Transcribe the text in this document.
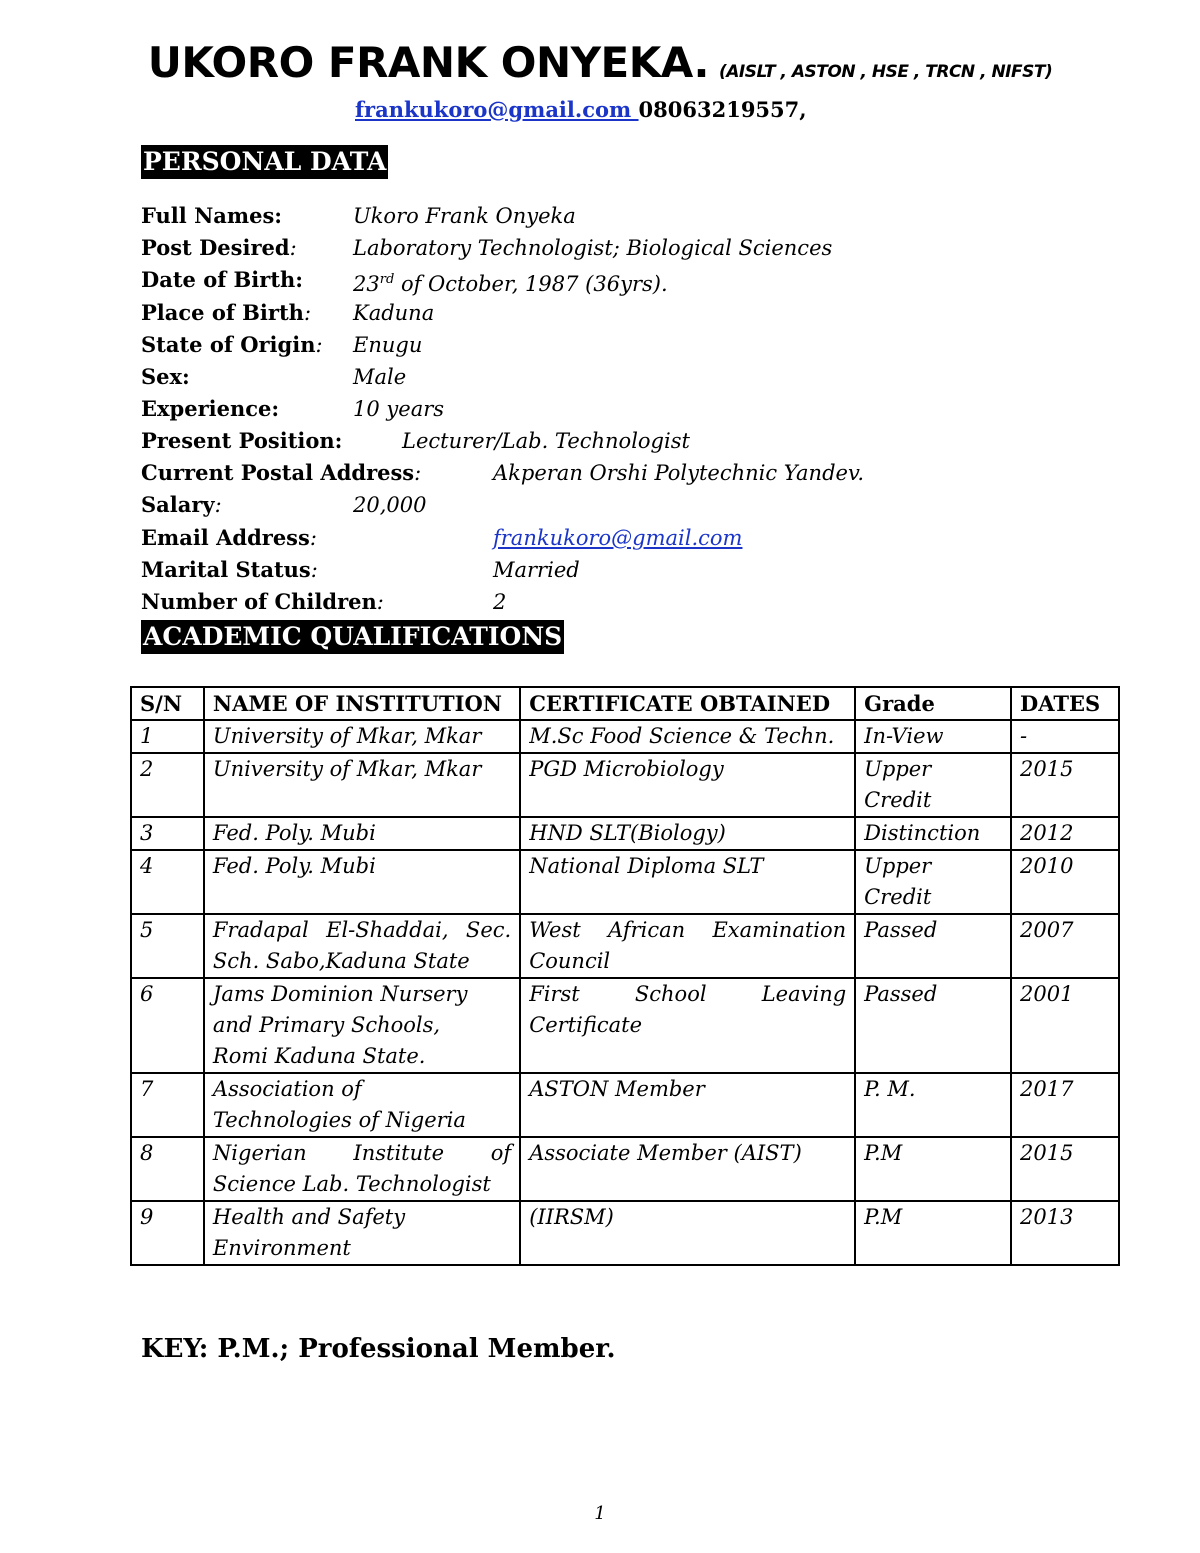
UKORO FRANK ONYEKA. (AISLT , ASTON , HSE , TRCN , NIFST)
frankukoro@gmail.com 08063219557,
PERSONAL DATA
Full Names:	Ukoro Frank Onyeka
Post Desired:	Laboratory Technologist; Biological Sciences
Date of Birth: 23rd of October, 1987 (36yrs).
Place of Birth: Kaduna
State of Origin: Enugu
Sex:	Male
Experience:	10 years
Present Position:	Lecturer/Lab. Technologist
Current Postal Address:	Akperan Orshi Polytechnic Yandev.
Salary:	20,000
Email Address:	frankukoro@gmail.com
Marital Status:	Married
Number of Children:	2
ACADEMIC QUALIFICATIONS
S/N	NAME OF INSTITUTION	CERTIFICATE OBTAINED	Grade	DATES
1	University of Mkar, Mkar	M.Sc Food Science & Techn.	In-View	-
2	University of Mkar, Mkar	PGD Microbiology	Upper Credit	2015
3	Fed. Poly. Mubi	HND SLT(Biology)	Distinction	2012
4	Fed. Poly. Mubi	National Diploma SLT	Upper Credit	2010
5	Fradapal El-Shaddai, Sec. Sch. Sabo,Kaduna State	West African Examination Council	Passed	2007
6	Jams Dominion Nursery and Primary Schools, Romi Kaduna State.	First School Leaving Certificate	Passed	2001
7	Association of Technologies of Nigeria	ASTON Member	P. M.	2017
8	Nigerian Institute of Science Lab. Technologist	Associate Member (AIST)	P.M	2015
9	Health and Safety Environment	(IIRSM)	P.M	2013
KEY: P.M.; Professional Member.
1
